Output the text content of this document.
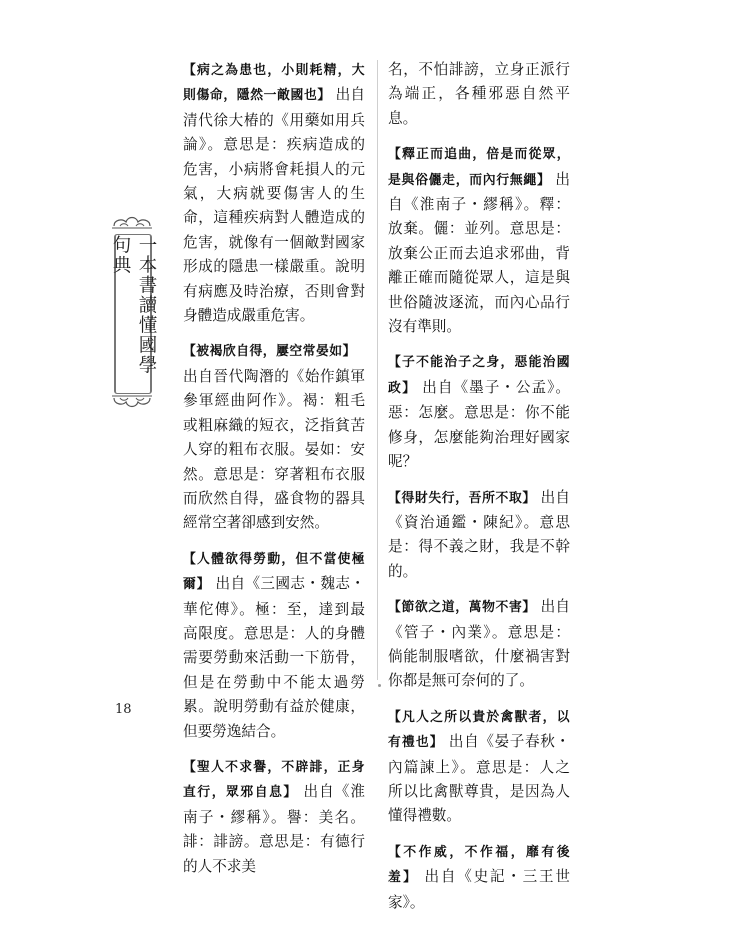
一本書讀懂國學句典

【病之為患也，小則耗精，大則傷命，隱然一敵國也】 出自清代徐大椿的《用藥如用兵論》。意思是：疾病造成的危害，小病將會耗損人的元氣，大病就要傷害人的生命，這種疾病對人體造成的危害，就像有一個敵對國家形成的隱患一樣嚴重。說明有病應及時治療，否則會對身體造成嚴重危害。

【被褐欣自得，屢空常晏如】
出自晉代陶潛的《始作鎮軍參軍經曲阿作》。褐：粗毛或粗麻織的短衣，泛指貧苦人穿的粗布衣服。晏如：安然。意思是：穿著粗布衣服而欣然自得，盛食物的器具經常空著卻感到安然。

【人體欲得勞動，但不當使極爾】 出自《三國志・魏志・華佗傳》。極：至，達到最高限度。意思是：人的身體需要勞動來活動一下筋骨，但是在勞動中不能太過勞累。說明勞動有益於健康，但要勞逸結合。

【聖人不求譽，不辟誹，正身直行，眾邪自息】 出自《淮南子・繆稱》。譽：美名。誹：誹謗。意思是：有德行的人不求美

名，不怕誹謗，立身正派行為端正，各種邪惡自然平息。

【釋正而追曲，倍是而從眾，是與俗儷走，而內行無繩】 出自《淮南子・繆稱》。釋：放棄。儷：並列。意思是：放棄公正而去追求邪曲，背離正確而隨從眾人，這是與世俗隨波逐流，而內心品行沒有準則。

【子不能治子之身，惡能治國政】 出自《墨子・公孟》。惡：怎麼。意思是：你不能修身，怎麼能夠治理好國家呢？

【得財失行，吾所不取】 出自《資治通鑑・陳紀》。意思是：得不義之財，我是不幹的。

【節欲之道，萬物不害】 出自《管子・內業》。意思是：倘能制服嗜欲，什麼禍害對你都是無可奈何的了。

【凡人之所以貴於禽獸者，以有禮也】 出自《晏子春秋・內篇諫上》。意思是：人之所以比禽獸尊貴，是因為人懂得禮數。

【不作威，不作福，靡有後羞】 出自《史記・三王世家》。

18
